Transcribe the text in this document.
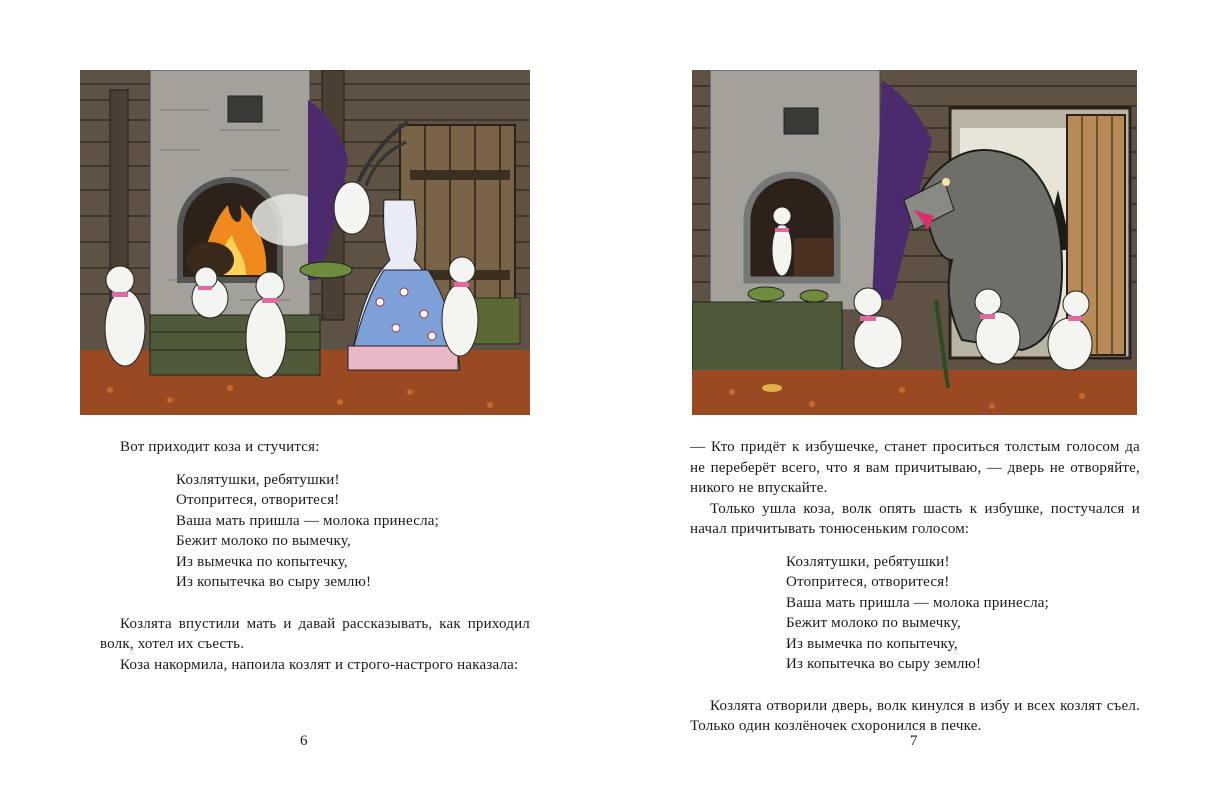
Вот приходит коза и стучится:

Козлятушки, ребятушки!
Отопритеся, отворитеся!
Ваша мать пришла — молока принесла;
Бежит молоко по вымечку,
Из вымечка по копытечку,
Из копытечка во сыру землю!

Козлята впустили мать и давай рассказывать, как приходил волк, хотел их съесть.

Коза накормила, напоила козлят и строго-настрого наказала:

6

— Кто придёт к избушечке, станет проситься толстым голосом да не переберёт всего, что я вам причитываю, — дверь не отворяйте, никого не впускайте.

Только ушла коза, волк опять шасть к избушке, постучался и начал причитывать тонюсеньким голосом:

Козлятушки, ребятушки!
Отопритеся, отворитеся!
Ваша мать пришла — молока принесла;
Бежит молоко по вымечку,
Из вымечка по копытечку,
Из копытечка во сыру землю!

Козлята отворили дверь, волк кинулся в избу и всех козлят съел. Только один козлёночек схоронился в печке.

7
